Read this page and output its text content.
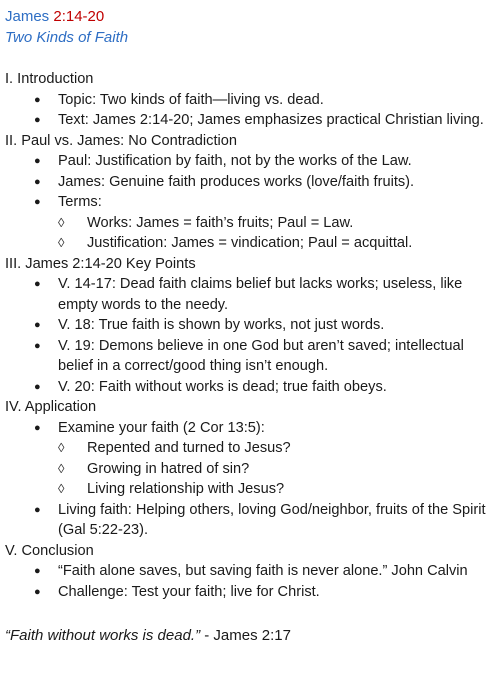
James 2:14-20
Two Kinds of Faith
I. Introduction
● Topic: Two kinds of faith—living vs. dead.
● Text: James 2:14-20; James emphasizes practical Christian living.
II. Paul vs. James: No Contradiction
● Paul: Justification by faith, not by the works of the Law.
● James: Genuine faith produces works (love/faith fruits).
● Terms:
◊ Works: James = faith’s fruits; Paul = Law.
◊ Justification: James = vindication; Paul = acquittal.
III. James 2:14-20 Key Points
● V. 14-17: Dead faith claims belief but lacks works; useless, like empty words to the needy.
● V. 18: True faith is shown by works, not just words.
● V. 19: Demons believe in one God but aren’t saved; intellectual belief in a correct/good thing isn’t enough.
● V. 20: Faith without works is dead; true faith obeys.
IV. Application
● Examine your faith (2 Cor 13:5):
◊ Repented and turned to Jesus?
◊ Growing in hatred of sin?
◊ Living relationship with Jesus?
● Living faith: Helping others, loving God/neighbor, fruits of the Spirit (Gal 5:22-23).
V. Conclusion
● “Faith alone saves, but saving faith is never alone.” John Calvin
● Challenge: Test your faith; live for Christ.
“Faith without works is dead.” - James 2:17
